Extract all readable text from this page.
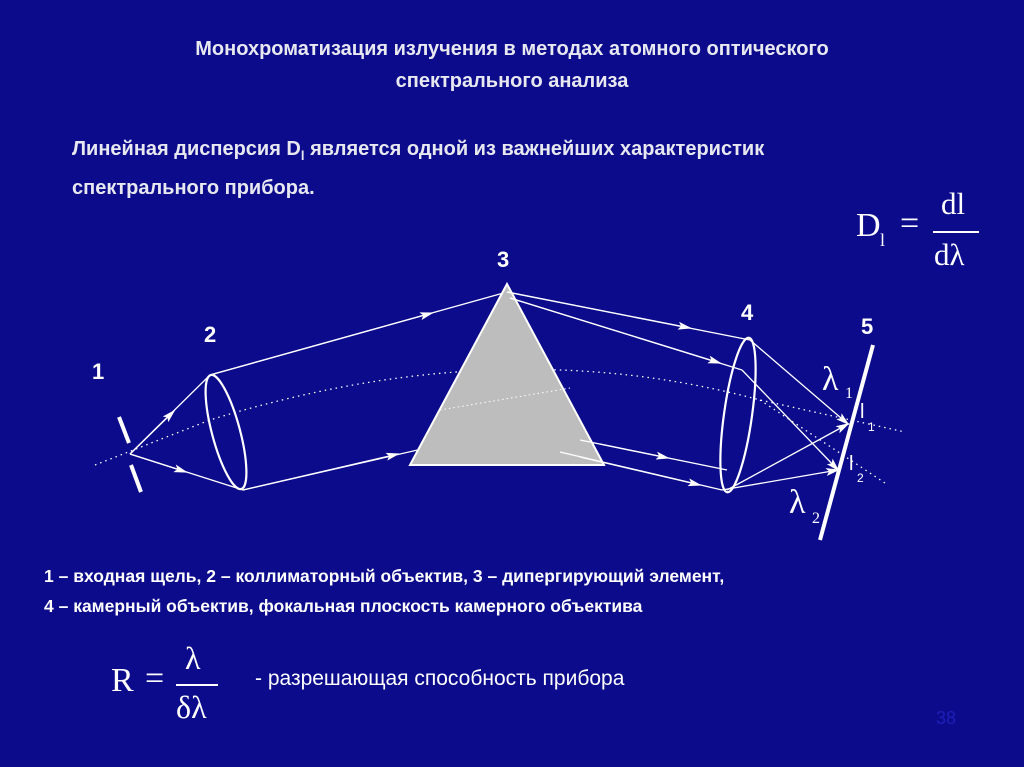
Монохроматизация излучения в методах атомного оптического
спектрального анализа
Линейная дисперсия $D_l$ является одной из важнейших характеристик
спектрального прибора.
D l =
dl
dλ
1
2
3
4
5
λ 1
λ 2
l
1
l
2
1 – входная щель, 2 – коллиматорный объектив, 3 – дипергирующий элемент,
4 – камерный объектив, фокальная плоскость камерного объектива
R =
λ
δλ
- разрешающая способность прибора
38
